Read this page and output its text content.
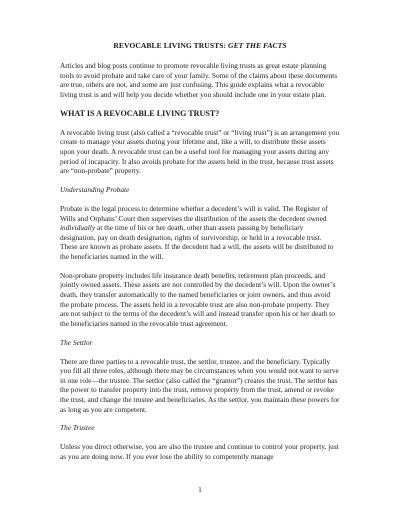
REVOCABLE LIVING TRUSTS: GET THE FACTS

Articles and blog posts continue to promote revocable living trusts as great estate planning tools to avoid probate and take care of your family. Some of the claims about these documents are true, others are not, and some are just confusing. This guide explains what a revocable living trust is and will help you decide whether you should include one in your estate plan.

WHAT IS A REVOCABLE LIVING TRUST?

A revocable living trust (also called a “revocable trust” or “living trust”) is an arrangement you create to manage your assets during your lifetime and, like a will, to distribute those assets upon your death. A revocable trust can be a useful tool for managing your assets during any period of incapacity. It also avoids probate for the assets held in the trust, because trust assets are “non-probate” property.

Understanding Probate

Probate is the legal process to determine whether a decedent’s will is valid. The Register of Wills and Orphans’ Court then supervises the distribution of the assets the decedent owned individually at the time of his or her death, other than assets passing by beneficiary designation, pay on death designation, rights of survivorship, or held in a revocable trust. These are known as probate assets. If the decedent had a will, the assets will be distributed to the beneficiaries named in the will.

Non-probate property includes life insurance death benefits, retirement plan proceeds, and jointly owned assets. These assets are not controlled by the decedent’s will. Upon the owner’s death, they transfer automatically to the named beneficiaries or joint owners, and thus avoid the probate process. The assets held in a revocable trust are also non-probate property. They are not subject to the terms of the decedent’s will and instead transfer upon his or her death to the beneficiaries named in the revocable trust agreement.

The Settlor

There are three parties to a revocable trust, the settlor, trustee, and the beneficiary. Typically you fill all three roles, although there may be circumstances when you would not want to serve in one role—the trustee. The settlor (also called the “grantor”) creates the trust. The settlor has the power to transfer property into the trust, remove property from the trust, amend or revoke the trust, and change the trustee and beneficiaries. As the settlor, you maintain these powers for as long as you are competent.

The Trustee

Unless you direct otherwise, you are also the trustee and continue to control your property, just as you are doing now. If you ever lose the ability to competently manage

1
